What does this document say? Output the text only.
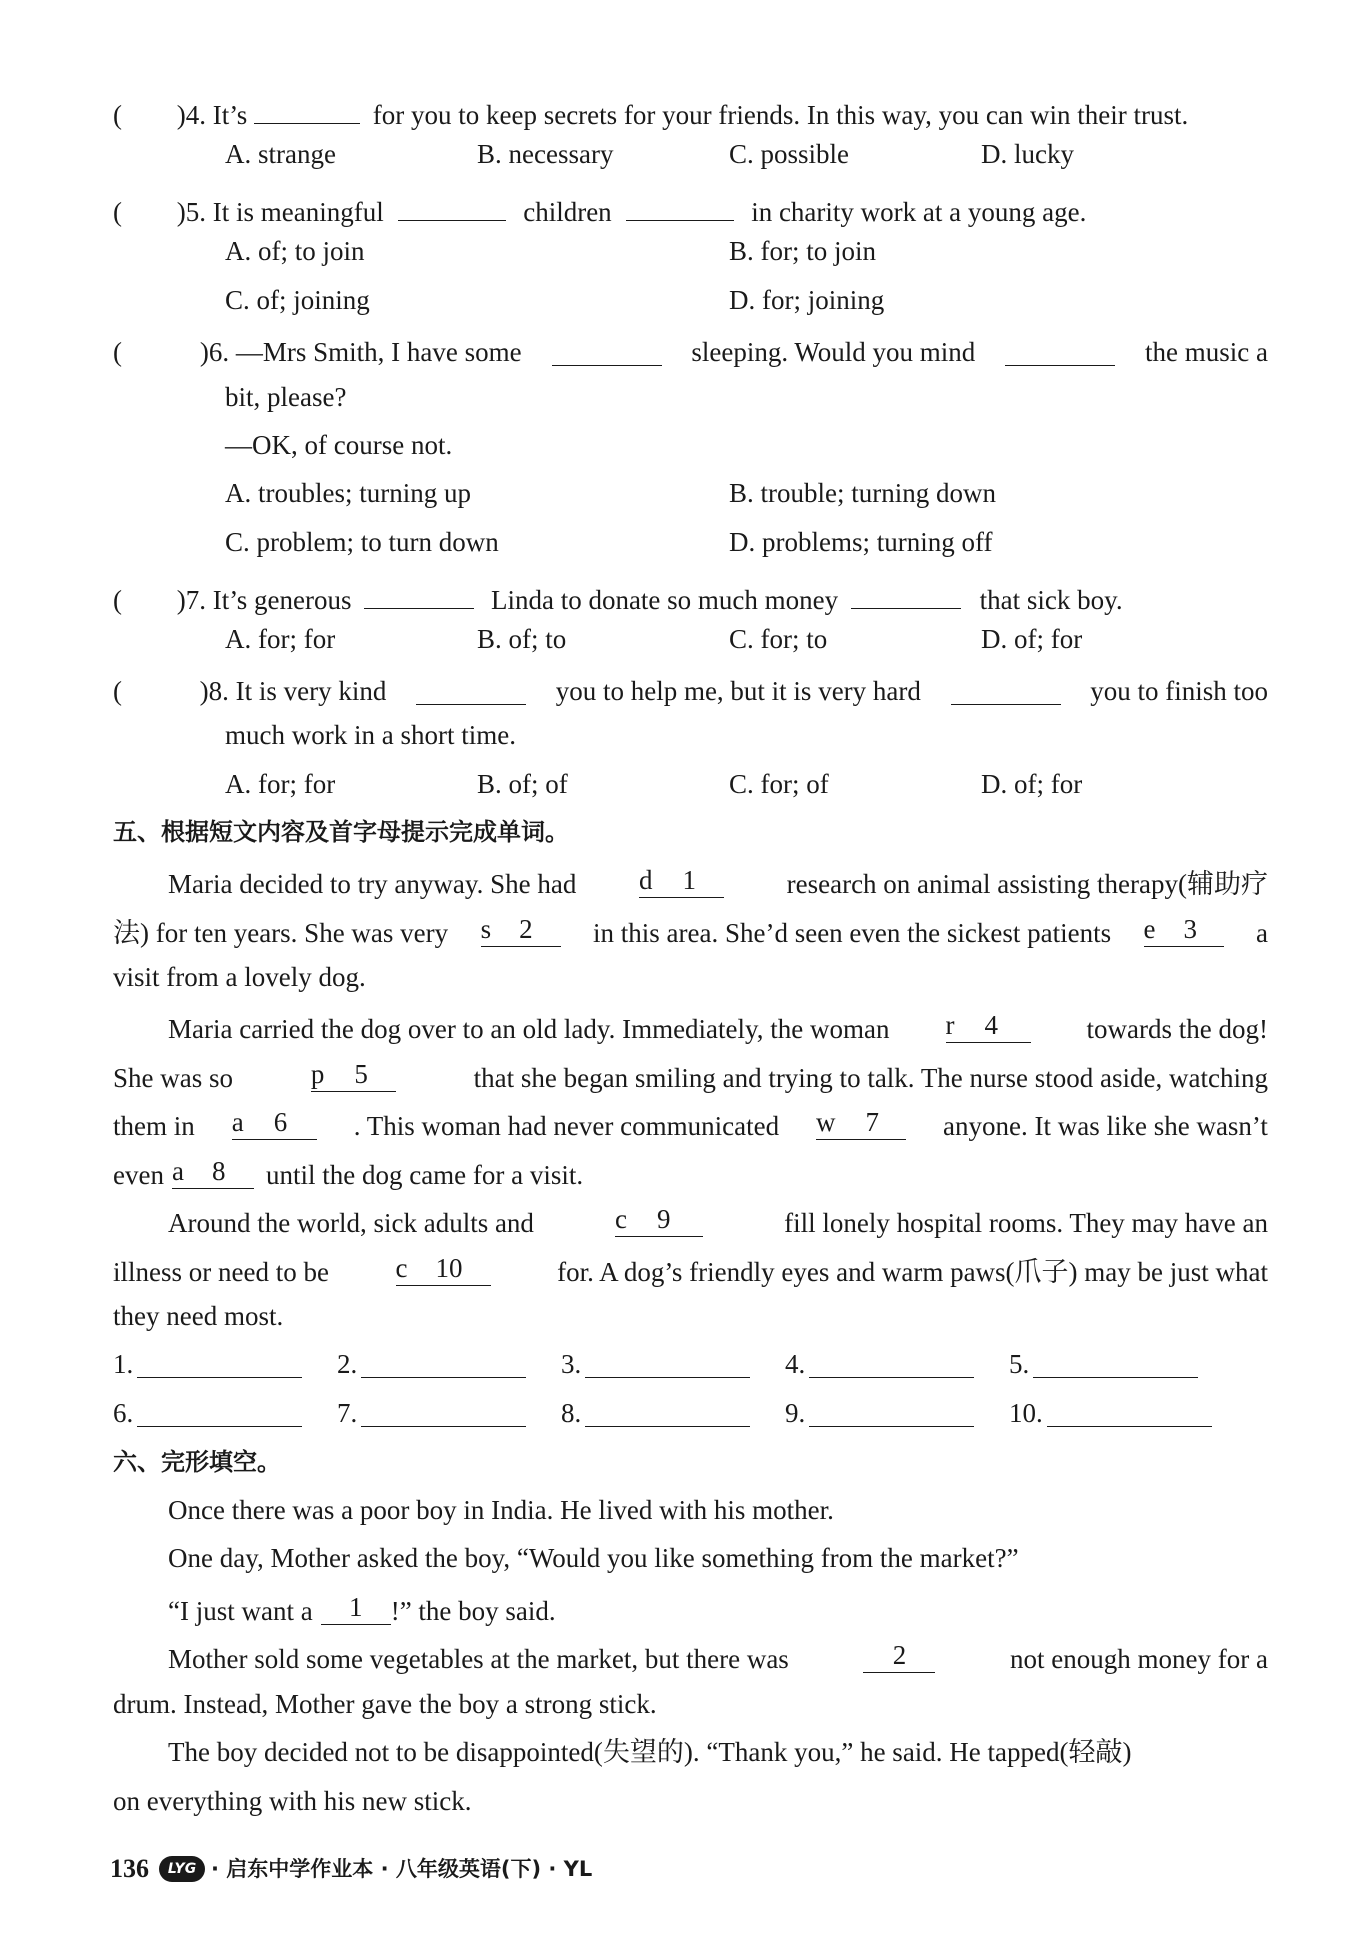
( )4. It’s	for you to keep secrets for your friends. In this way, you can win their trust.
A. strange	B. necessary	C. possible	D. lucky
( )5. It is meaningful	children	in charity work at a young age.
A. of; to join	B. for; to join
C. of; joining	D. for; joining
(	)6. —Mrs Smith, I have some	sleeping. Would you mind	the music a
bit, please?
—OK, of course not.
A. troubles; turning up	B. trouble; turning down
C. problem; to turn down	D. problems; turning off
( )7. It’s generous	Linda to donate so much money	that sick boy.
A. for; for	B. of; to	C. for; to	D. of; for
(	)8. It is very kind	you to help me, but it is very hard	you to finish too
much work in a short time.
A. for; for	B. of; of	C. for; of	D. of; for
五、根据短文内容及首字母提示完成单词。
Maria decided to try anyway. She had d 1	research on animal assisting therapy(辅助疗
法) for ten years. She was very s 2	in this area. She’d seen even the sickest patients e 3	a
visit from a lovely dog.
Maria carried the dog over to an old lady. Immediately, the woman r 4	towards the dog!
She was so	p 5	that she began smiling and trying to talk. The nurse stood aside, watching
them in a 6	. This woman had never communicated w 7	anyone. It was like she wasn’t
even a 8	until the dog came for a visit.
Around the world, sick adults and	c 9	fill lonely hospital rooms. They may have an
illness or need to be c 10	for. A dog’s friendly eyes and warm paws(爪子) may be just what
they need most.
1.	2.	3.	4.	5.
6.	7.	8.	9.	10.
六、完形填空。
Once there was a poor boy in India. He lived with his mother.
One day, Mother asked the boy, “Would you like something from the market?”
“I just want a	1	!” the boy said.
Mother sold some vegetables at the market, but there was	2	not enough money for a
drum. Instead, Mother gave the boy a strong stick.
The boy decided not to be disappointed(失望的). “Thank you,” he said. He tapped(轻敲)
on everything with his new stick.
136	LYG · 启东中学作业本 · 八年级英语(下) · YL
